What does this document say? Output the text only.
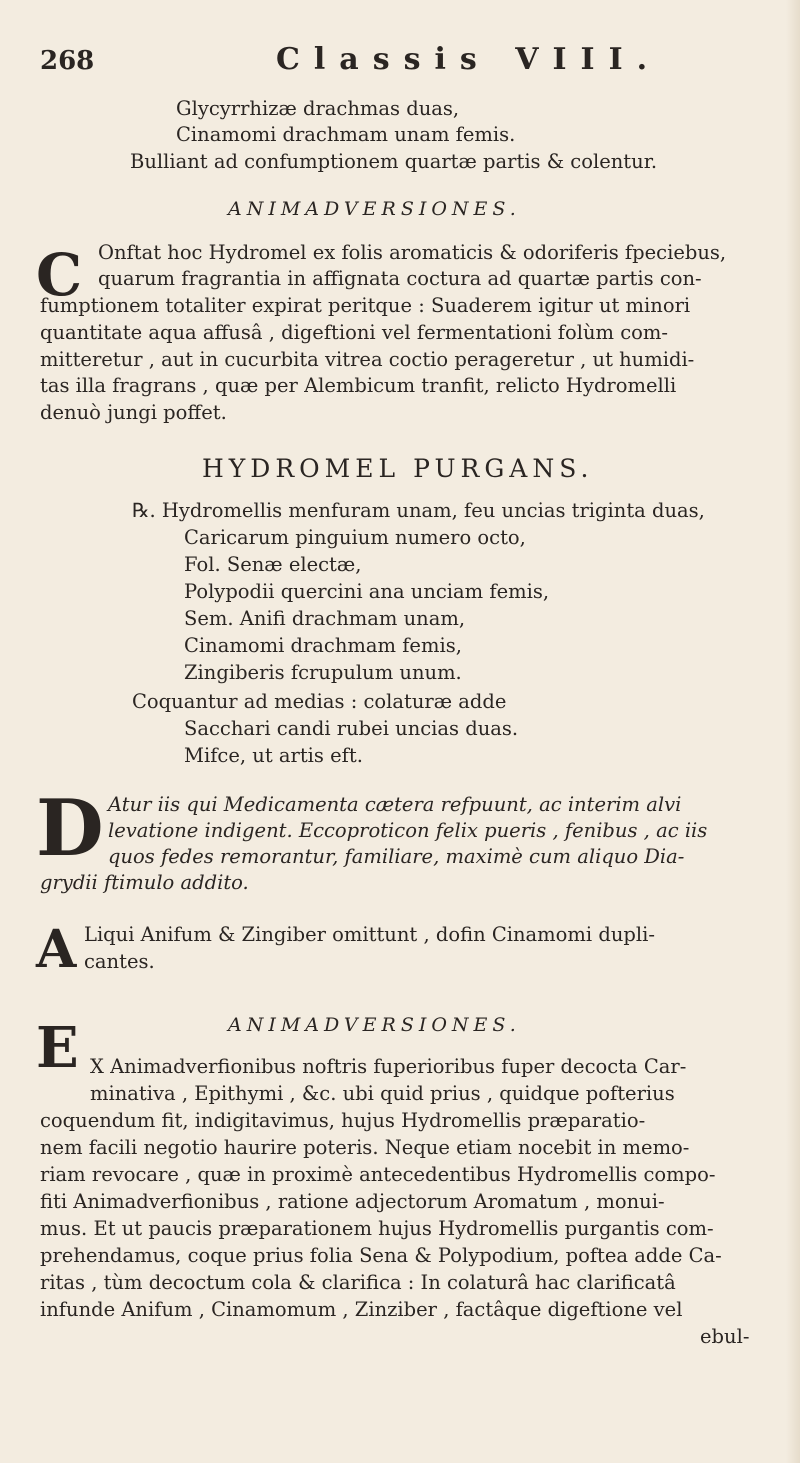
268	Classis VIII.
Glycyrrhizæ drachmas duas,
Cinamomi drachmam unam femis.
Bulliant ad confumptionem quartæ partis & colentur.
ANIMADVERSIONES.
C Onftat hoc Hydromel ex folis aromaticis & odoriferis fpeciebus,
quarum fragrantia in affignata coctura ad quartæ partis con-
fumptionem totaliter expirat peritque : Suaderem igitur ut minori
quantitate aqua affusâ , digeftioni vel fermentationi folùm com-
mitteretur , aut in cucurbita vitrea coctio perageretur , ut humidi-
tas illa fragrans , quæ per Alembicum tranfit, relicto Hydromelli
denuò jungi poffet.
HYDROMEL PURGANS.
℞. Hydromellis menfuram unam, feu uncias triginta duas,
Caricarum pinguium numero octo,
Fol. Senæ electæ,
Polypodii quercini ana unciam femis,
Sem. Anifi drachmam unam,
Cinamomi drachmam femis,
Zingiberis fcrupulum unum.
Coquantur ad medias : colaturæ adde
Sacchari candi rubei uncias duas.
Mifce, ut artis eft.
D Atur iis qui Medicamenta cætera refpuunt, ac interim alvi
levatione indigent. Eccoproticon felix pueris , fenibus , ac iis
quos fedes remorantur, familiare, maximè cum aliquo Dia-
grydii ftimulo addito.
A Liqui Anifum & Zingiber omittunt , dofin Cinamomi dupli-
cantes.
ANIMADVERSIONES.
E X Animadverfionibus noftris fuperioribus fuper decocta Car-
minativa , Epithymi , &c. ubi quid prius , quidque pofterius
coquendum fit, indigitavimus, hujus Hydromellis præparatio-
nem facili negotio haurire poteris. Neque etiam nocebit in memo-
riam revocare , quæ in proximè antecedentibus Hydromellis compo-
fiti Animadverfionibus , ratione adjectorum Aromatum , monui-
mus. Et ut paucis præparationem hujus Hydromellis purgantis com-
prehendamus, coque prius folia Sena & Polypodium, poftea adde Ca-
ritas , tùm decoctum cola & clarifica : In colaturâ hac clarificatâ
infunde Anifum , Cinamomum , Zinziber , factâque digeftione vel
ebul-
